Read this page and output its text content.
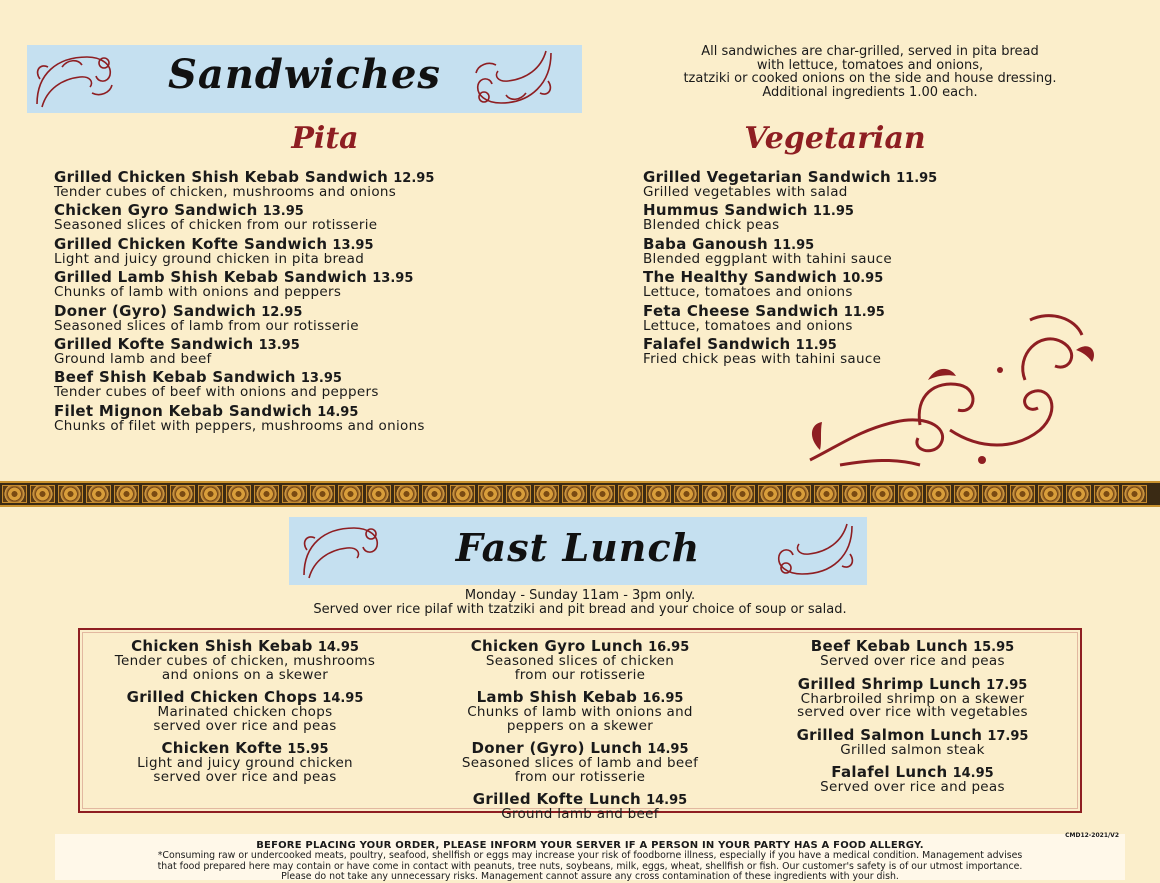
Sandwiches	All sandwiches are char-grilled, served in pita bread
with lettuce, tomatoes and onions,
tzatziki or cooked onions on the side and house dressing.
Additional ingredients 1.00 each.
Pita	Vegetarian
Grilled Chicken Shish Kebab Sandwich 12.95
Tender cubes of chicken, mushrooms and onions
Chicken Gyro Sandwich 13.95
Seasoned slices of chicken from our rotisserie
Grilled Chicken Kofte Sandwich 13.95
Light and juicy ground chicken in pita bread
Grilled Lamb Shish Kebab Sandwich 13.95
Chunks of lamb with onions and peppers
Doner (Gyro) Sandwich 12.95
Seasoned slices of lamb from our rotisserie
Grilled Kofte Sandwich 13.95
Ground lamb and beef
Beef Shish Kebab Sandwich 13.95
Tender cubes of beef with onions and peppers
Filet Mignon Kebab Sandwich 14.95
Chunks of filet with peppers, mushrooms and onions
Grilled Vegetarian Sandwich 11.95
Grilled vegetables with salad
Hummus Sandwich 11.95
Blended chick peas
Baba Ganoush 11.95
Blended eggplant with tahini sauce
The Healthy Sandwich 10.95
Lettuce, tomatoes and onions
Feta Cheese Sandwich 11.95
Lettuce, tomatoes and onions
Falafel Sandwich 11.95
Fried chick peas with tahini sauce
Fast Lunch
Monday - Sunday 11am - 3pm only.
Served over rice pilaf with tzatziki and pit bread and your choice of soup or salad.
Chicken Shish Kebab 14.95
Tender cubes of chicken, mushrooms
and onions on a skewer
Grilled Chicken Chops 14.95
Marinated chicken chops
served over rice and peas
Chicken Kofte 15.95
Light and juicy ground chicken
served over rice and peas
Chicken Gyro Lunch 16.95
Seasoned slices of chicken
from our rotisserie
Lamb Shish Kebab 16.95
Chunks of lamb with onions and
peppers on a skewer
Doner (Gyro) Lunch 14.95
Seasoned slices of lamb and beef
from our rotisserie
Grilled Kofte Lunch 14.95
Ground lamb and beef
Beef Kebab Lunch 15.95
Served over rice and peas
Grilled Shrimp Lunch 17.95
Charbroiled shrimp on a skewer
served over rice with vegetables
Grilled Salmon Lunch 17.95
Grilled salmon steak
Falafel Lunch 14.95
Served over rice and peas
CMD12-2021/V2
BEFORE PLACING YOUR ORDER, PLEASE INFORM YOUR SERVER IF A PERSON IN YOUR PARTY HAS A FOOD ALLERGY.
*Consuming raw or undercooked meats, poultry, seafood, shellfish or eggs may increase your risk of foodborne illness, especially if you have a medical condition. Management advises
that food prepared here may contain or have come in contact with peanuts, tree nuts, soybeans, milk, eggs, wheat, shellfish or fish. Our customer's safety is of our utmost importance.
Please do not take any unnecessary risks. Management cannot assure any cross contamination of these ingredients with your dish.
